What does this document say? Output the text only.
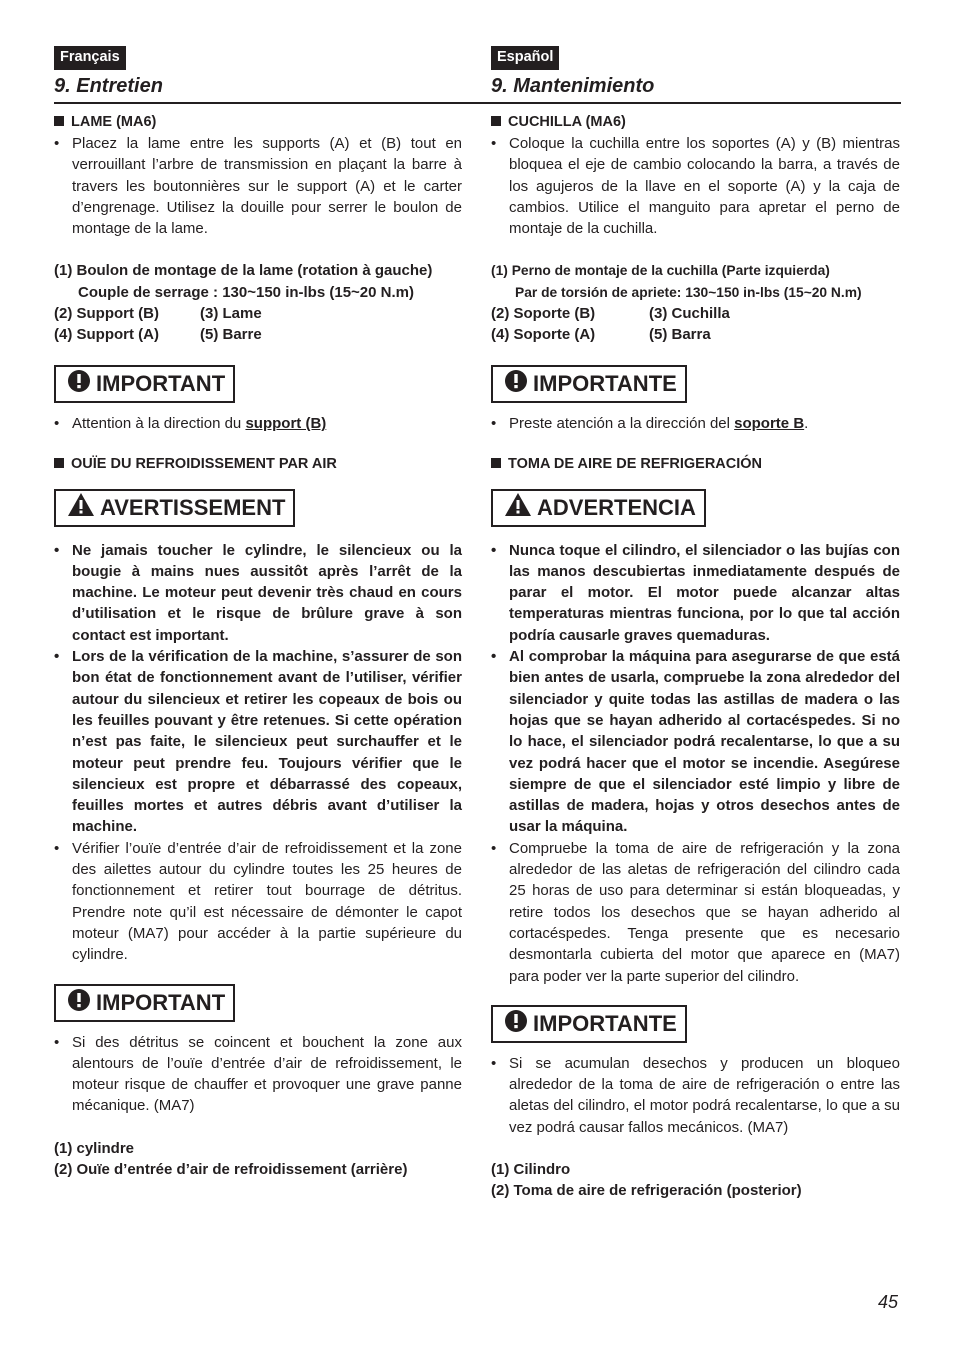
Français
9. Entretien
LAME (MA6)
• Placez la lame entre les supports (A) et (B) tout en verrouillant l’arbre de transmission en plaçant la barre à travers les boutonnières sur le support (A) et le carter d’engrenage. Utilisez la douille pour serrer le boulon de montage de la lame.
(1) Boulon de montage de la lame (rotation à gauche)
Couple de serrage : 130~150 in-lbs (15~20 N.m)
(2) Support (B)	(3) Lame
(4) Support (A)	(5) Barre
IMPORTANT
• Attention à la direction du support (B)
OUÏE DU REFROIDISSEMENT PAR AIR
AVERTISSEMENT
• Ne jamais toucher le cylindre, le silencieux ou la bougie à mains nues aussitôt après l’arrêt de la machine. Le moteur peut devenir très chaud en cours d’utilisation et le risque de brûlure grave à son contact est important.
• Lors de la vérification de la machine, s’assurer de son bon état de fonctionnement avant de l’utiliser, vérifier autour du silencieux et retirer les copeaux de bois ou les feuilles pouvant y être retenues. Si cette opération n’est pas faite, le silencieux peut surchauffer et le moteur peut prendre feu. Toujours vérifier que le silencieux est propre et débarrassé des copeaux, feuilles mortes et autres débris avant d’utiliser la machine.
• Vérifier l’ouïe d’entrée d’air de refroidissement et la zone des ailettes autour du cylindre toutes les 25 heures de fonctionnement et retirer tout bourrage de détritus. Prendre note qu’il est nécessaire de démonter le capot moteur (MA7) pour accéder à la partie supérieure du cylindre.
IMPORTANT
• Si des détritus se coincent et bouchent la zone aux alentours de l’ouïe d’entrée d’air de refroidissement, le moteur risque de chauffer et provoquer une grave panne mécanique. (MA7)
(1) cylindre
(2) Ouïe d’entrée d’air de refroidissement (arrière)
Español
9. Mantenimiento
CUCHILLA (MA6)
• Coloque la cuchilla entre los soportes (A) y (B) mientras bloquea el eje de cambio colocando la barra, a través de los agujeros de la llave en el soporte (A) y la caja de cambios. Utilice el manguito para apretar el perno de montaje de la cuchilla.
(1) Perno de montaje de la cuchilla (Parte izquierda)
Par de torsión de apriete: 130~150 in-lbs (15~20 N.m)
(2) Soporte (B)	(3) Cuchilla
(4) Soporte (A)	(5) Barra
IMPORTANTE
• Preste atención a la dirección del soporte B.
TOMA DE AIRE DE REFRIGERACIÓN
ADVERTENCIA
• Nunca toque el cilindro, el silenciador o las bujías con las manos descubiertas inmediatamente después de parar el motor. El motor puede alcanzar altas temperaturas mientras funciona, por lo que tal acción podría causarle graves quemaduras.
• Al comprobar la máquina para asegurarse de que está bien antes de usarla, compruebe la zona alrededor del silenciador y quite todas las astillas de madera o las hojas que se hayan adherido al cortacéspedes. Si no lo hace, el silenciador podrá recalentarse, lo que a su vez podrá hacer que el motor se incendie. Asegúrese siempre de que el silenciador esté limpio y libre de astillas de madera, hojas y otros desechos antes de usar la máquina.
• Compruebe la toma de aire de refrigeración y la zona alrededor de las aletas de refrigeración del cilindro cada 25 horas de uso para determinar si están bloqueadas, y retire todos los desechos que se hayan adherido al cortacéspedes. Tenga presente que es necesario desmontarla cubierta del motor que aparece en (MA7) para poder ver la parte superior del cilindro.
IMPORTANTE
• Si se acumulan desechos y producen un bloqueo alrededor de la toma de aire de refrigeración o entre las aletas del cilindro, el motor podrá recalentarse, lo que a su vez podrá causar fallos mecánicos. (MA7)
(1) Cilindro
(2) Toma de aire de refrigeración (posterior)
45
